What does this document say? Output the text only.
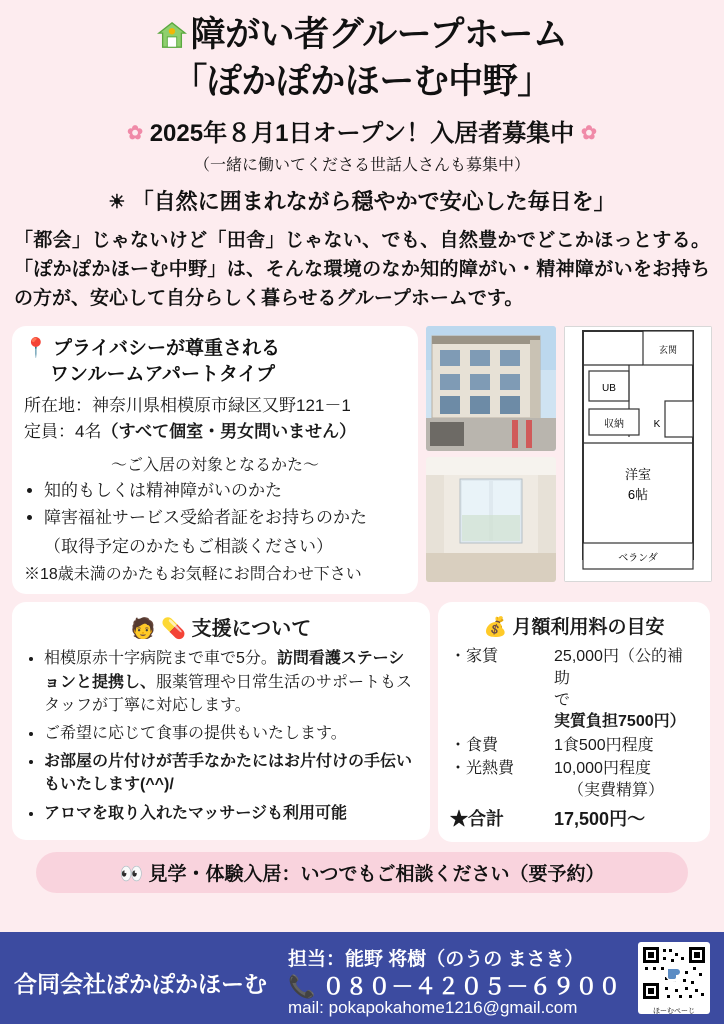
障がい者グループホーム
「ぽかぽかほーむ中野」
✿ 2025年８月1日オープン！入居者募集中 ✿
（一緒に働いてくださる世話人さんも募集中）
☀ 「自然に囲まれながら穏やかで安心した毎日を」
「都会」じゃないけど「田舎」じゃない、でも、自然豊かでどこかほっとする。「ぽかぽかほーむ中野」は、そんな環境のなか知的障がい・精神障がいをお持ちの方が、安心して自分らしく暮らせるグループホームです。
📍 プライバシーが尊重される
ワンルームアパートタイプ
所在地：神奈川県相模原市緑区又野121－1
定員：4名（すべて個室・男女問いません）
～ご入居の対象となるかた～
• 知的もしくは精神障がいのかた
• 障害福祉サービス受給者証をお持ちのかた
（取得予定のかたもご相談ください）
※18歳未満のかたもお気軽にお問合わせ下さい
玄関
UB
収納	K
洋室
6帖
ベランダ
🧑 💊 支援について
• 相模原赤十字病院まで車で5分。訪問看護ステーションと提携し、服薬管理や日常生活のサポートもスタッフが丁寧に対応します。
• ご希望に応じて食事の提供もいたします。
• お部屋の片付けが苦手なかたにはお片付けの手伝いもいたします(^^)/
• アロマを取り入れたマッサージも利用可能
💰 月額利用料の目安
・	家賃	25,000円（公的補助
で実質負担7500円）
・	食費	1食500円程度
・	光熱費	10,000円程度
（実費精算）
★合計		17,500円～
👀 見学・体験入居：いつでもご相談ください（要予約）
合同会社ぽかぽかほーむ
担当：能野 将樹（のうの まさき）
📞 ０８０－４２０５－６９００
mail: pokapokahome1216@gmail.com	ほーむぺーじ
